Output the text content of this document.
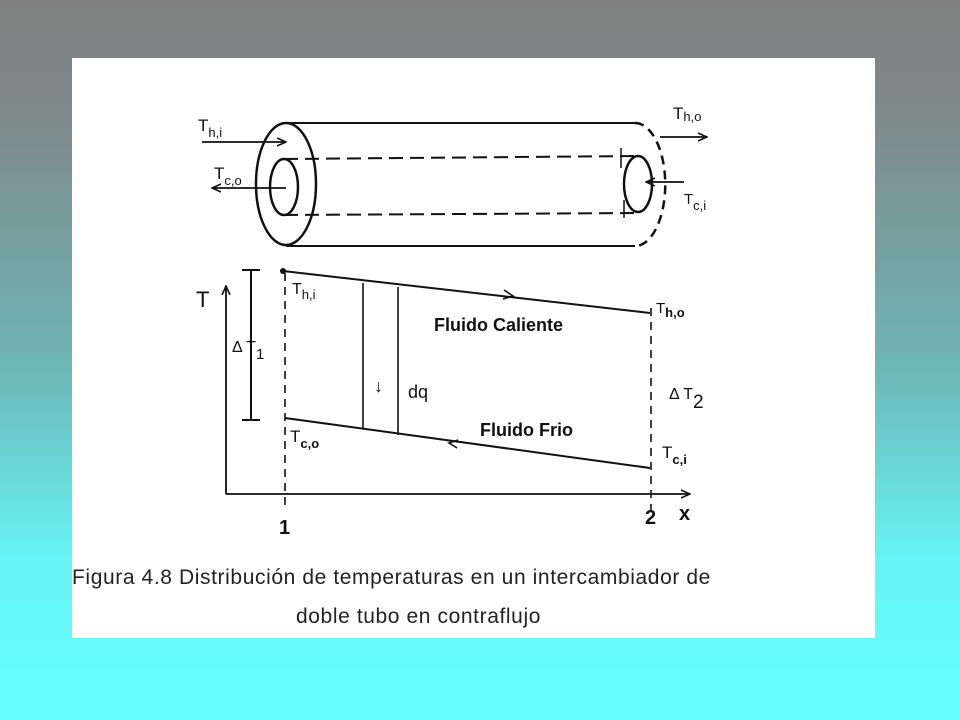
$T_{h,i}$
$T_{c,o}$
Th,o
Tc,i
T
x
1	2
$T_{h,i}$
Th,o
$T_{c,o}$	$T_{c,i}$
Δ T1
Δ T2
Fluido Caliente
Fluido Frio
↓ dq
Figura 4.8 Distribución de temperaturas en un intercambiador de
doble tubo en contraflujo
